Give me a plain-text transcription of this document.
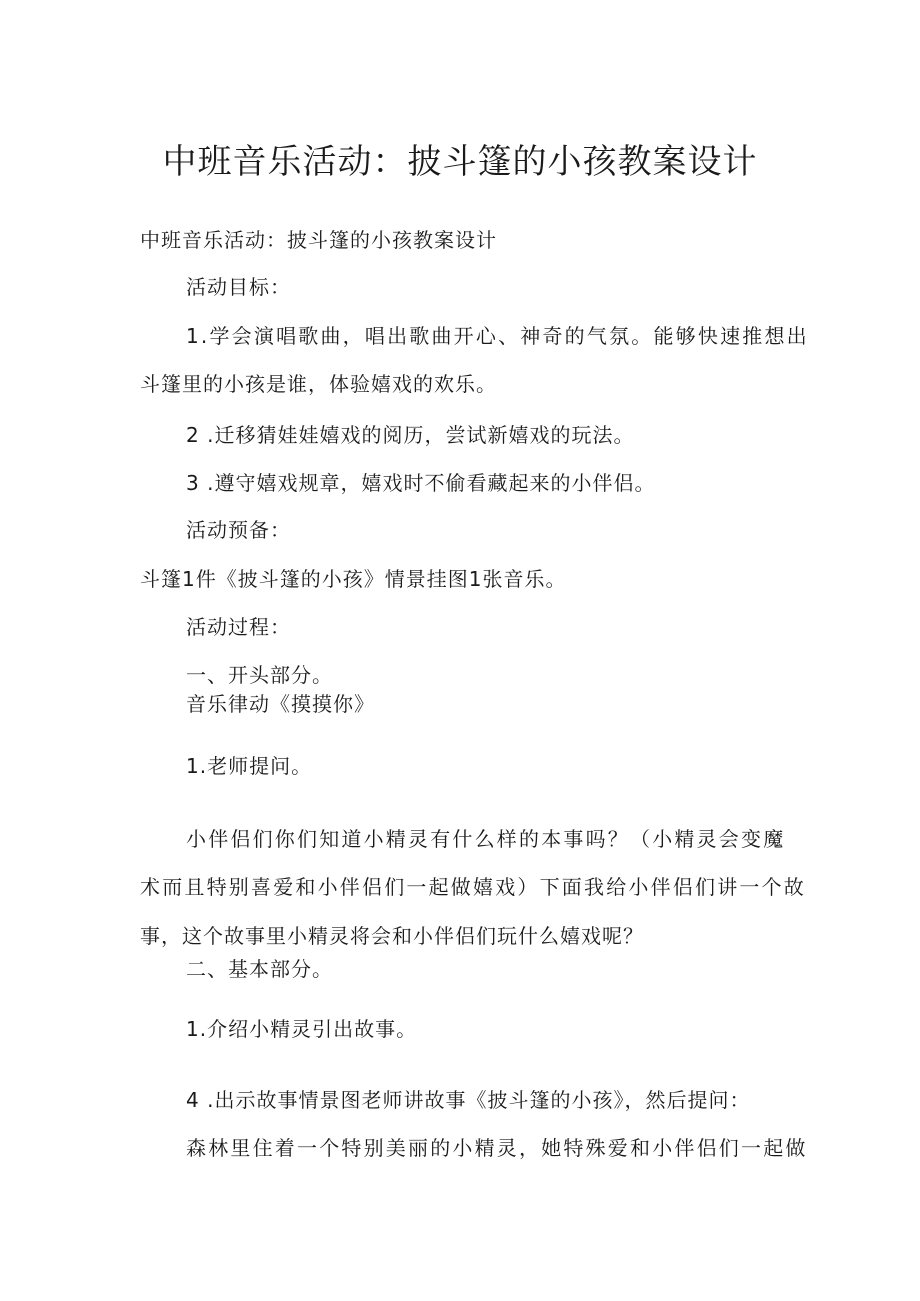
中班音乐活动：披斗篷的小孩教案设计
中班音乐活动：披斗篷的小孩教案设计
活动目标：
1.学会演唱歌曲，唱出歌曲开心、神奇的气氛。能够快速推想出
斗篷里的小孩是谁，体验嬉戏的欢乐。
2 .迁移猜娃娃嬉戏的阅历，尝试新嬉戏的玩法。
3 .遵守嬉戏规章，嬉戏时不偷看藏起来的小伴侣。
活动预备：
斗篷1件《披斗篷的小孩》情景挂图1张音乐。
活动过程：
一、开头部分。
音乐律动《摸摸你》
1.老师提问。
小伴侣们你们知道小精灵有什么样的本事吗？（小精灵会变魔
术而且特别喜爱和小伴侣们一起做嬉戏）下面我给小伴侣们讲一个故
事，这个故事里小精灵将会和小伴侣们玩什么嬉戏呢？
二、基本部分。
1.介绍小精灵引出故事。
4 .出示故事情景图老师讲故事《披斗篷的小孩》，然后提问：
森林里住着一个特别美丽的小精灵，她特殊爱和小伴侣们一起做
